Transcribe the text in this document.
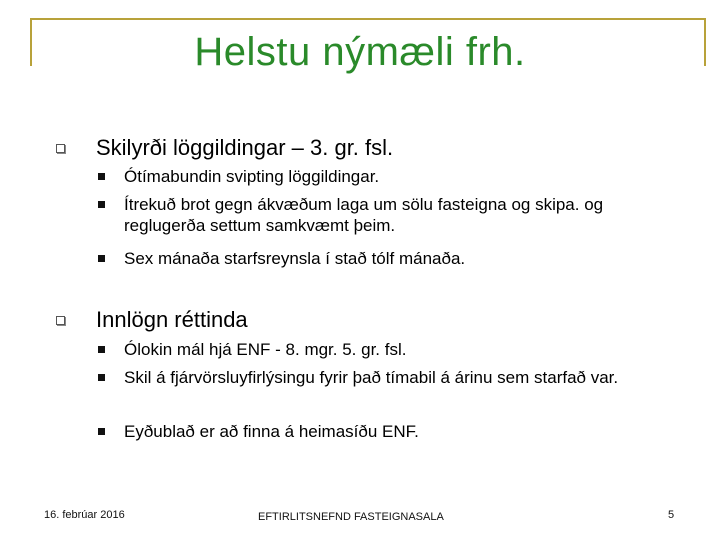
Helstu nýmæli frh.
Skilyrði löggildingar – 3. gr. fsl.
Ótímabundin svipting löggildingar.
Ítrekuð brot gegn ákvæðum laga um sölu fasteigna og skipa. og reglugerða settum samkvæmt þeim.
Sex mánaða starfsreynsla í stað tólf mánaða.
Innlögn réttinda
Ólokin mál hjá ENF - 8. mgr. 5. gr. fsl.
Skil á fjárvörsluyfirlýsingu fyrir það tímabil á árinu sem starfað var.
Eyðublað er að finna á heimasíðu ENF.
16. febrúar 2016	EFTIRLITSNEFND FASTEIGNASALA	5
